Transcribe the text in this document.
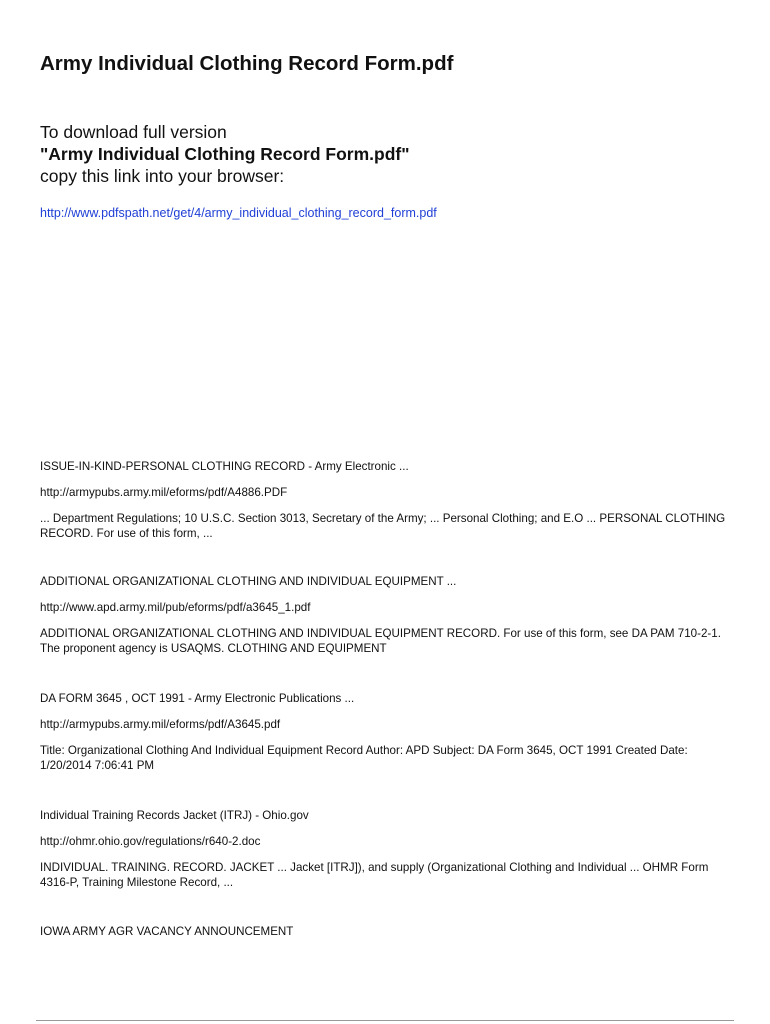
Army Individual Clothing Record Form.pdf
To download full version
"Army Individual Clothing Record Form.pdf"
copy this link into your browser:
http://www.pdfspath.net/get/4/army_individual_clothing_record_form.pdf
ISSUE-IN-KIND-PERSONAL CLOTHING RECORD - Army Electronic ...
http://armypubs.army.mil/eforms/pdf/A4886.PDF
... Department Regulations; 10 U.S.C. Section 3013, Secretary of the Army; ... Personal Clothing; and E.O ... PERSONAL CLOTHING RECORD. For use of this form, ...
ADDITIONAL ORGANIZATIONAL CLOTHING AND INDIVIDUAL EQUIPMENT ...
http://www.apd.army.mil/pub/eforms/pdf/a3645_1.pdf
ADDITIONAL ORGANIZATIONAL CLOTHING AND INDIVIDUAL EQUIPMENT RECORD. For use of this form, see DA PAM 710-2-1. The proponent agency is USAQMS. CLOTHING AND EQUIPMENT
DA FORM 3645 , OCT 1991 - Army Electronic Publications ...
http://armypubs.army.mil/eforms/pdf/A3645.pdf
Title: Organizational Clothing And Individual Equipment Record Author: APD Subject: DA Form 3645, OCT 1991 Created Date: 1/20/2014 7:06:41 PM
Individual Training Records Jacket (ITRJ) - Ohio.gov
http://ohmr.ohio.gov/regulations/r640-2.doc
INDIVIDUAL. TRAINING. RECORD. JACKET ... Jacket [ITRJ]), and supply (Organizational Clothing and Individual ... OHMR Form 4316-P, Training Milestone Record, ...
IOWA ARMY AGR VACANCY ANNOUNCEMENT
